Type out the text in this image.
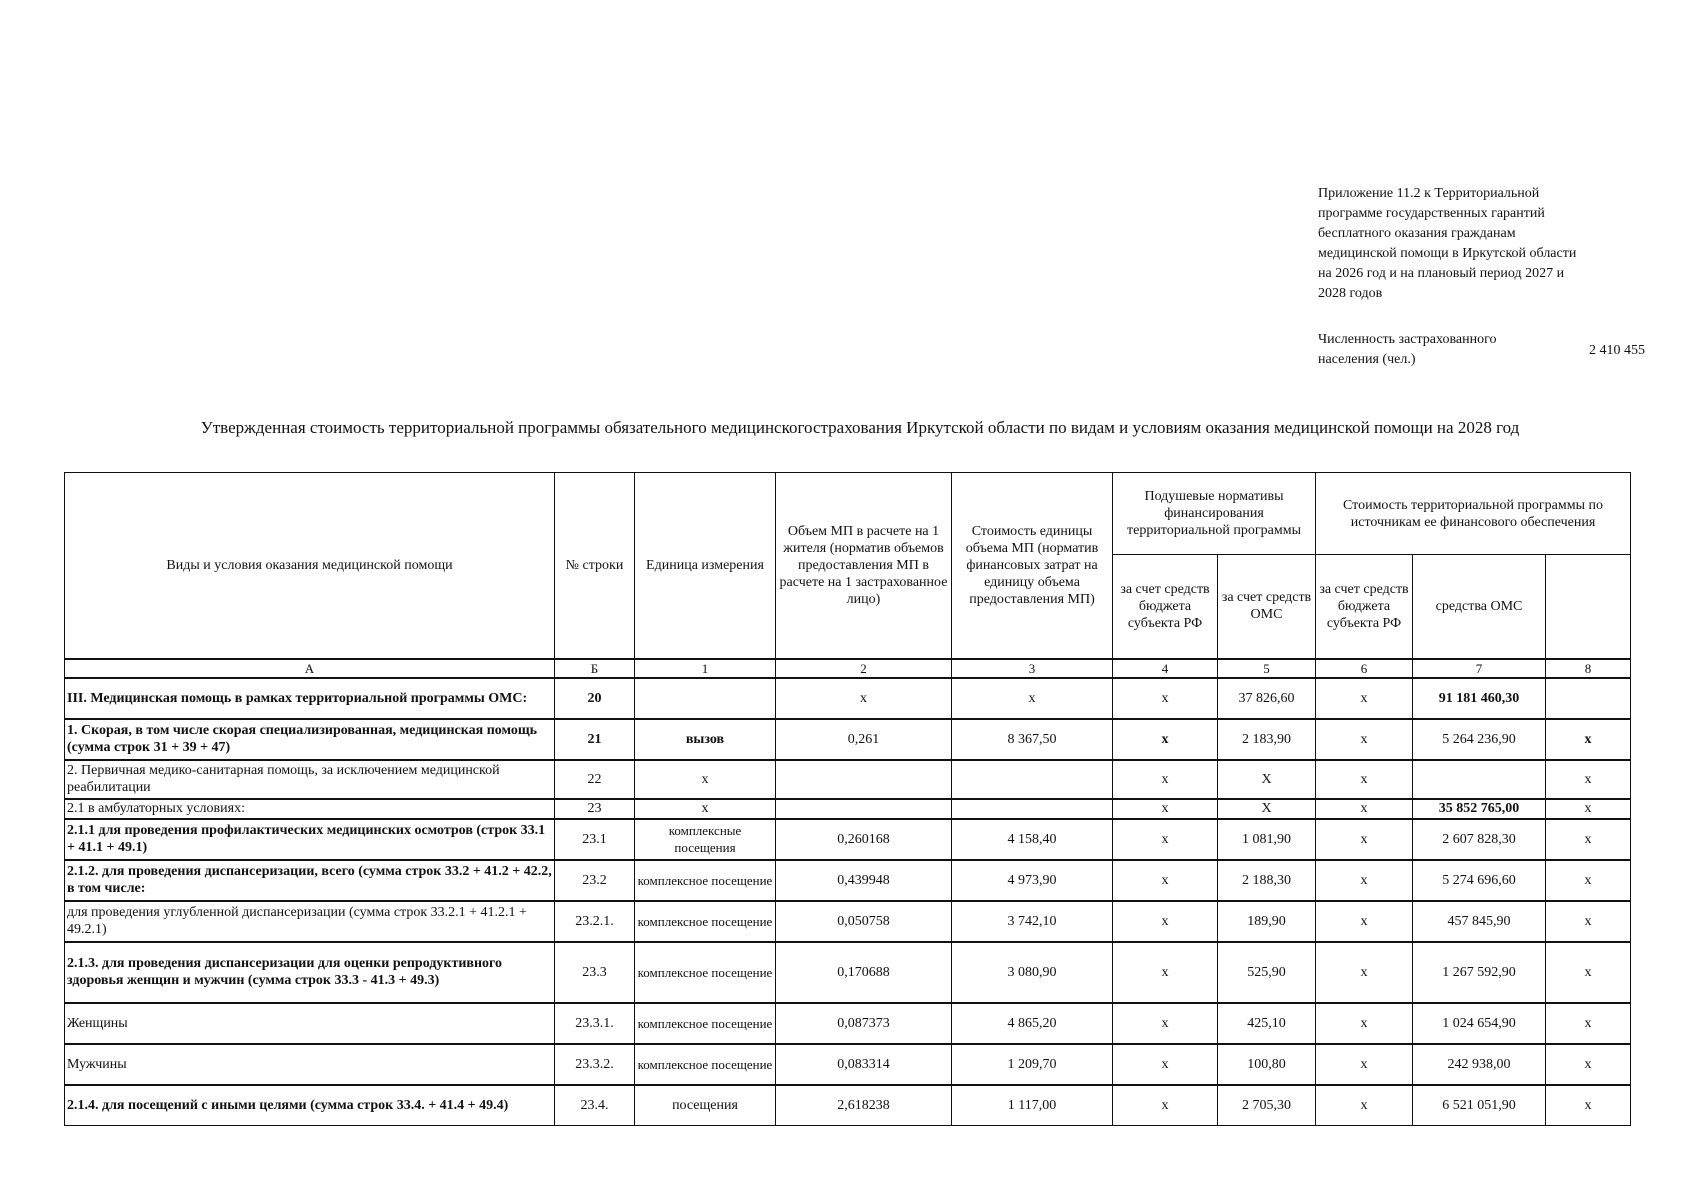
Приложение 11.2 к Территориальной
программе государственных гарантий
бесплатного оказания гражданам
медицинской помощи в Иркутской области
на 2026 год и на плановый период 2027 и
2028 годов
Численность застрахованного
населения (чел.)
2 410 455
Утвержденная стоимость территориальной программы обязательного медицинскогострахования Иркутской области по видам и условиям оказания медицинской помощи на 2028 год
Виды и условия оказания медицинской помощи	№ строки	Единица измерения	Объем МП в расчете на 1 жителя (норматив объемов предоставления МП в расчете на 1 застрахованное лицо)	Стоимость единицы объема МП (норматив финансовых затрат на единицу объема предоставления МП)	Подушевые нормативы финансирования территориальной программы		Стоимость территориальной программы по источникам ее финансового обеспечения		
					за счет средств бюджета субъекта РФ	за счет средств ОМС	за счет средств бюджета субъекта РФ	средства ОМС	
А	Б	1	2	3	4	5	6	7	8
III. Медицинская помощь в рамках территориальной программы ОМС:	20		х	х	х	37 826,60	х	91 181 460,30	
1. Скорая, в том числе скорая специализированная, медицинская помощь (сумма строк 31 + 39 + 47)	21	вызов	0,261	8 367,50	х	2 183,90	х	5 264 236,90	х
2. Первичная медико-санитарная помощь, за исключением медицинской реабилитации	22	х			х	Х	х		х
2.1 в амбулаторных условиях:	23	х			х	Х	х	35 852 765,00	х
2.1.1 для проведения профилактических медицинских осмотров (строк 33.1 + 41.1 + 49.1)	23.1	комплексные посещения	0,260168	4 158,40	х	1 081,90	х	2 607 828,30	х
2.1.2. для проведения диспансеризации, всего (сумма строк 33.2 + 41.2 + 42.2, в том числе:	23.2	комплексное посещение	0,439948	4 973,90	х	2 188,30	х	5 274 696,60	х
для проведения углубленной диспансеризации (сумма строк 33.2.1 + 41.2.1 + 49.2.1)	23.2.1.	комплексное посещение	0,050758	3 742,10	х	189,90	х	457 845,90	х
2.1.3. для проведения диспансеризации для оценки репродуктивного здоровья женщин и мужчин (сумма строк 33.3 - 41.3 + 49.3)	23.3	комплексное посещение	0,170688	3 080,90	х	525,90	х	1 267 592,90	х
Женщины	23.3.1.	комплексное посещение	0,087373	4 865,20	х	425,10	х	1 024 654,90	х
Мужчины	23.3.2.	комплексное посещение	0,083314	1 209,70	х	100,80	х	242 938,00	х
2.1.4. для посещений с иными целями (сумма строк 33.4. + 41.4 + 49.4)	23.4.	посещения	2,618238	1 117,00	х	2 705,30	х	6 521 051,90	х
